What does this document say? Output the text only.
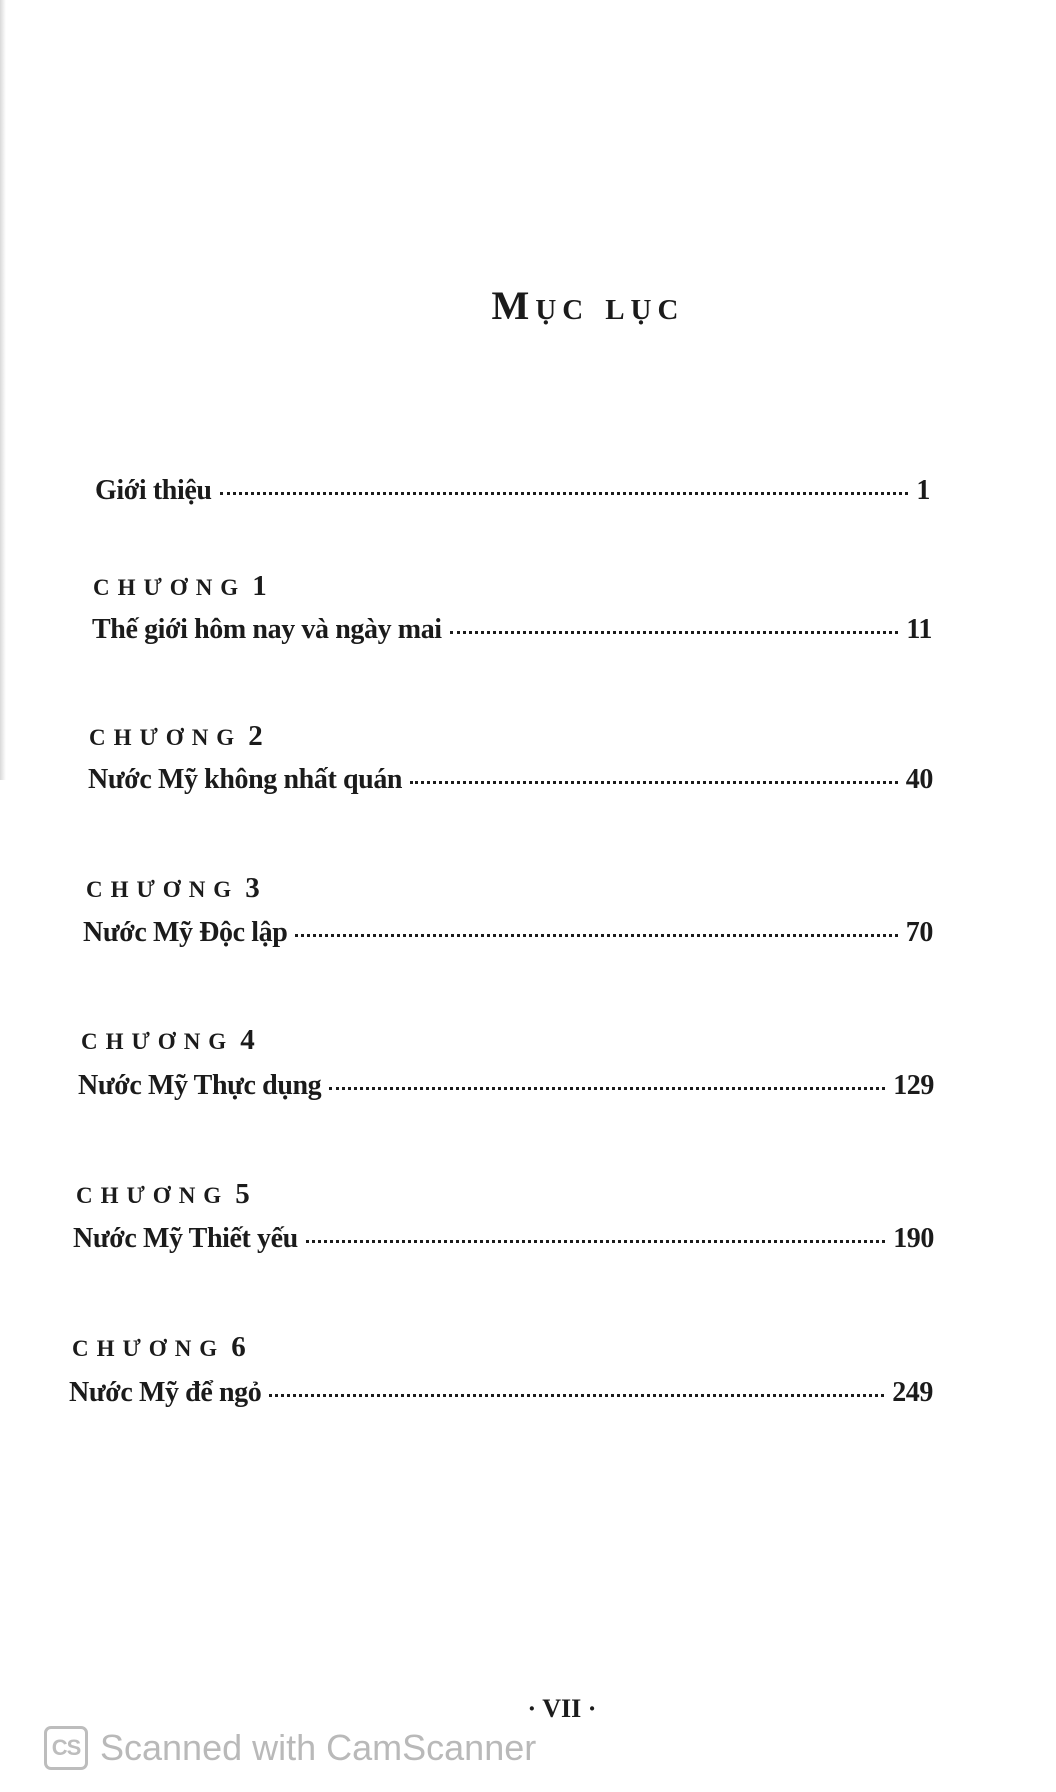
MỤC LỤC
Giới thiệu	1
CHƯƠNG 1
Thế giới hôm nay và ngày mai	11
CHƯƠNG 2
Nước Mỹ không nhất quán	40
CHƯƠNG 3
Nước Mỹ Độc lập	70
CHƯƠNG 4
Nước Mỹ Thực dụng	129
CHƯƠNG 5
Nước Mỹ Thiết yếu	190
CHƯƠNG 6
Nước Mỹ để ngỏ	249
· VII ·
CS Scanned with CamScanner
